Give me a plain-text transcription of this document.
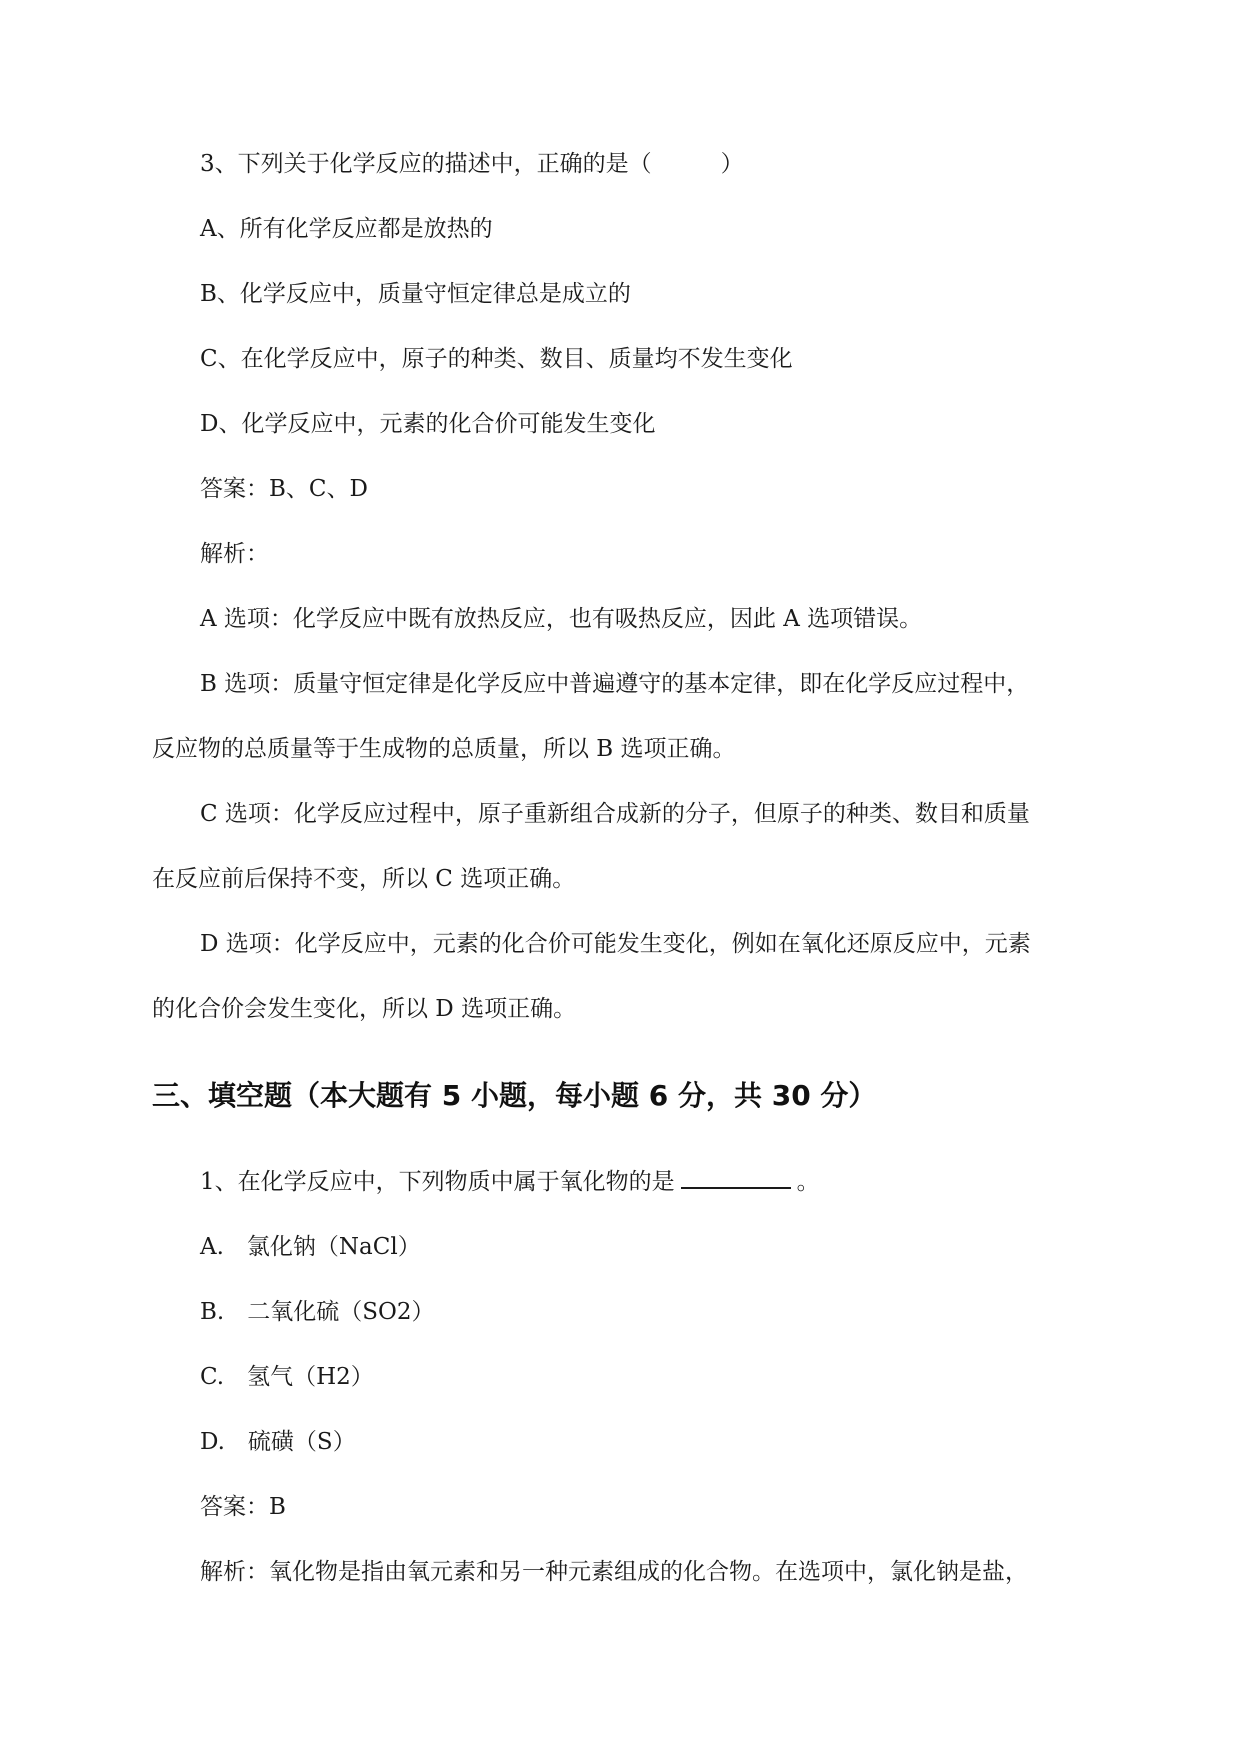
3、下列关于化学反应的描述中，正确的是（　　　）
A、所有化学反应都是放热的
B、化学反应中，质量守恒定律总是成立的
C、在化学反应中，原子的种类、数目、质量均不发生变化
D、化学反应中，元素的化合价可能发生变化
答案：B、C、D
解析：
A 选项：化学反应中既有放热反应，也有吸热反应，因此 A 选项错误。
B 选项：质量守恒定律是化学反应中普遍遵守的基本定律，即在化学反应过程中，
反应物的总质量等于生成物的总质量，所以 B 选项正确。
C 选项：化学反应过程中，原子重新组合成新的分子，但原子的种类、数目和质量
在反应前后保持不变，所以 C 选项正确。
D 选项：化学反应中，元素的化合价可能发生变化，例如在氧化还原反应中，元素
的化合价会发生变化，所以 D 选项正确。
三、填空题（本大题有 5 小题，每小题 6 分，共 30 分）
1、在化学反应中，下列物质中属于氧化物的是	。
A.　氯化钠（NaCl）
B.　二氧化硫（SO2）
C.　氢气（H2）
D.　硫磺（S）
答案：B
解析：氧化物是指由氧元素和另一种元素组成的化合物。在选项中，氯化钠是盐，
